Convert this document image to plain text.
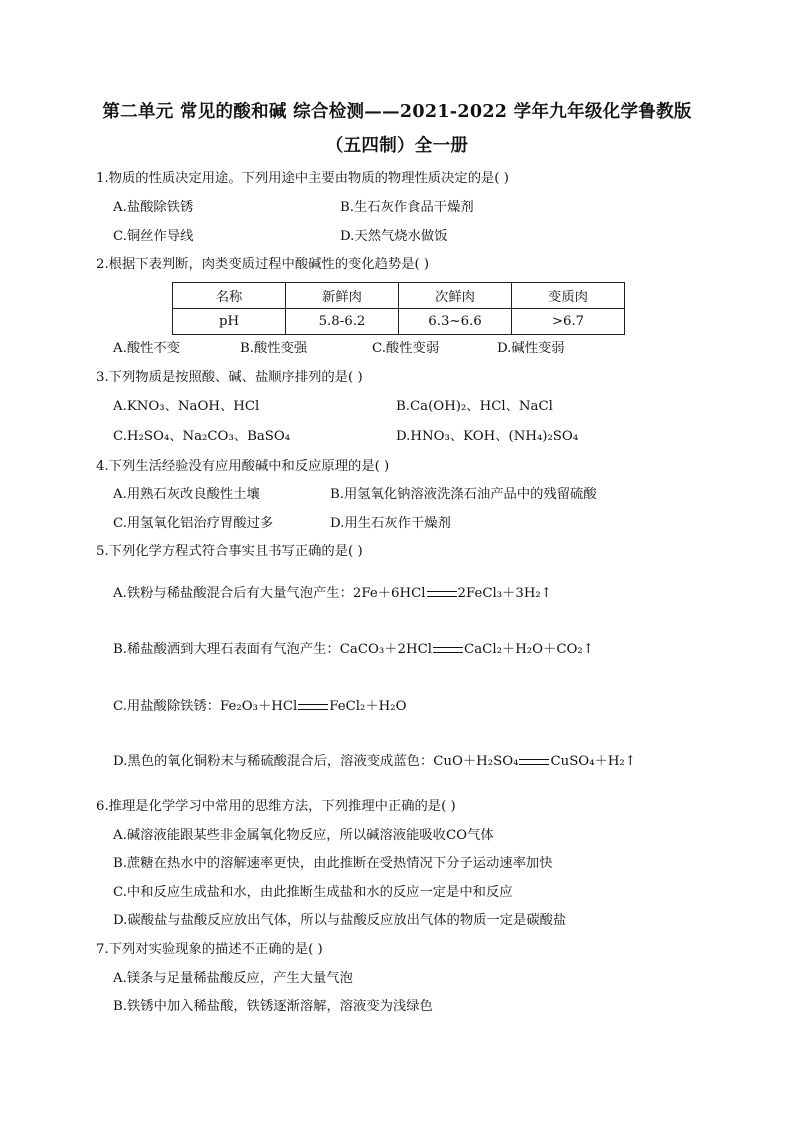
第二单元 常见的酸和碱 综合检测——2021-2022 学年九年级化学鲁教版
（五四制）全一册
1.物质的性质决定用途。下列用途中主要由物质的物理性质决定的是( )
A.盐酸除铁锈	B.生石灰作食品干燥剂
C.铜丝作导线	D.天然气烧水做饭
2.根据下表判断，肉类变质过程中酸碱性的变化趋势是( )
名称	新鲜肉	次鲜肉	变质肉
pH	5.8-6.2	6.3~6.6	>6.7
A.酸性不变	B.酸性变强	C.酸性变弱	D.碱性变弱
3.下列物质是按照酸、碱、盐顺序排列的是( )
A.KNO₃、NaOH、HCl	B.Ca(OH)₂、HCl、NaCl
C.H₂SO₄、Na₂CO₃、BaSO₄	D.HNO₃、KOH、(NH₄)₂SO₄
4.下列生活经验没有应用酸碱中和反应原理的是( )
A.用熟石灰改良酸性土壤	B.用氢氧化钠溶液洗涤石油产品中的残留硫酸
C.用氢氧化铝治疗胃酸过多	D.用生石灰作干燥剂
5.下列化学方程式符合事实且书写正确的是( )
A.铁粉与稀盐酸混合后有大量气泡产生：2Fe＋6HCl 2FeCl₃＋3H₂↑
B.稀盐酸洒到大理石表面有气泡产生：CaCO₃＋2HCl CaCl₂＋H₂O＋CO₂↑
C.用盐酸除铁锈：Fe₂O₃＋HCl FeCl₂＋H₂O
D.黑色的氧化铜粉末与稀硫酸混合后，溶液变成蓝色：CuO＋H₂SO₄ CuSO₄＋H₂↑
6.推理是化学学习中常用的思维方法，下列推理中正确的是( )
A.碱溶液能跟某些非金属氧化物反应，所以碱溶液能吸收CO气体
B.蔗糖在热水中的溶解速率更快，由此推断在受热情况下分子运动速率加快
C.中和反应生成盐和水，由此推断生成盐和水的反应一定是中和反应
D.碳酸盐与盐酸反应放出气体，所以与盐酸反应放出气体的物质一定是碳酸盐
7.下列对实验现象的描述不正确的是( )
A.镁条与足量稀盐酸反应，产生大量气泡
B.铁锈中加入稀盐酸，铁锈逐渐溶解，溶液变为浅绿色
